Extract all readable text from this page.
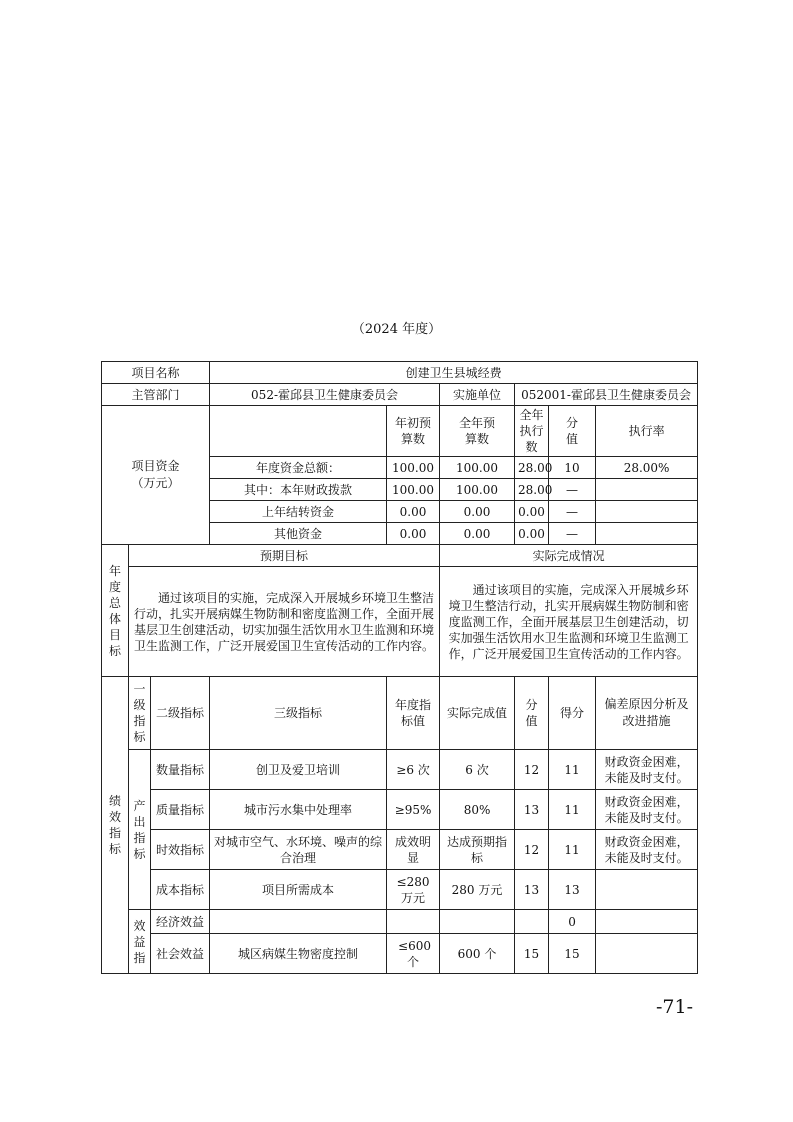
（2024 年度）
项目名称			创建卫生县城经费						
主管部门			052-霍邱县卫生健康委员会		实施单位	052001-霍邱县卫生健康委员会			
项目资金（万元）				年初预算数	全年预算数	全年执行数	分值	执行率	
			年度资金总额：	100.00	100.00	28.00	10	28.00%	
			其中：本年财政拨款	100.00	100.00	28.00	—		
			上年结转资金	0.00	0.00	0.00	—		
			其他资金	0.00	0.00	0.00	—		
年度总体目标	预期目标				实际完成情况				
	通过该项目的实施，完成深入开展城乡环境卫生整洁行动，扎实开展病媒生物防制和密度监测工作，全面开展基层卫生创建活动，切实加强生活饮用水卫生监测和环境卫生监测工作，广泛开展爱国卫生宣传活动的工作内容。				通过该项目的实施，完成深入开展城乡环境卫生整洁行动，扎实开展病媒生物防制和密度监测工作，全面开展基层卫生创建活动，切实加强生活饮用水卫生监测和环境卫生监测工作，广泛开展爱国卫生宣传活动的工作内容。				
绩效指标	一级指标	二级指标	三级指标	年度指标值	实际完成值	分值	得分	偏差原因分析及改进措施	
	产出指标	数量指标	创卫及爱卫培训	≥6 次	6 次	12	11	财政资金困难，未能及时支付。	
		质量指标	城市污水集中处理率	≥95%	80%	13	11	财政资金困难，未能及时支付。	
		时效指标	对城市空气、水环境、噪声的综合治理	成效明显	达成预期指标	12	11	财政资金困难，未能及时支付。	
		成本指标	项目所需成本	≤280 万元	280 万元	13	13		
	效益指	经济效益					0		
		社会效益	城区病媒生物密度控制	≤600 个	600 个	15	15		
-71-
